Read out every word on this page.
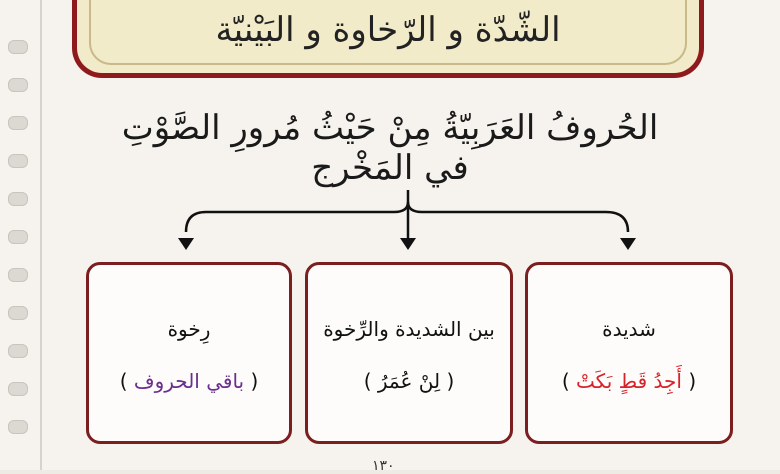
الشّدّة و الرّخاوة و البَيْنيّة
الحُروفُ العَرَبِيّةُ مِنْ حَيْثُ مُرورِ الصَّوْتِ في المَخْرج
رِخوة
( باقي الحروف )
بين الشديدة والرِّخوة
( لِنْ عُمَرُ )
شديدة
( أَجِدُ قَطٍ بَكَتْ )
١٣٠
